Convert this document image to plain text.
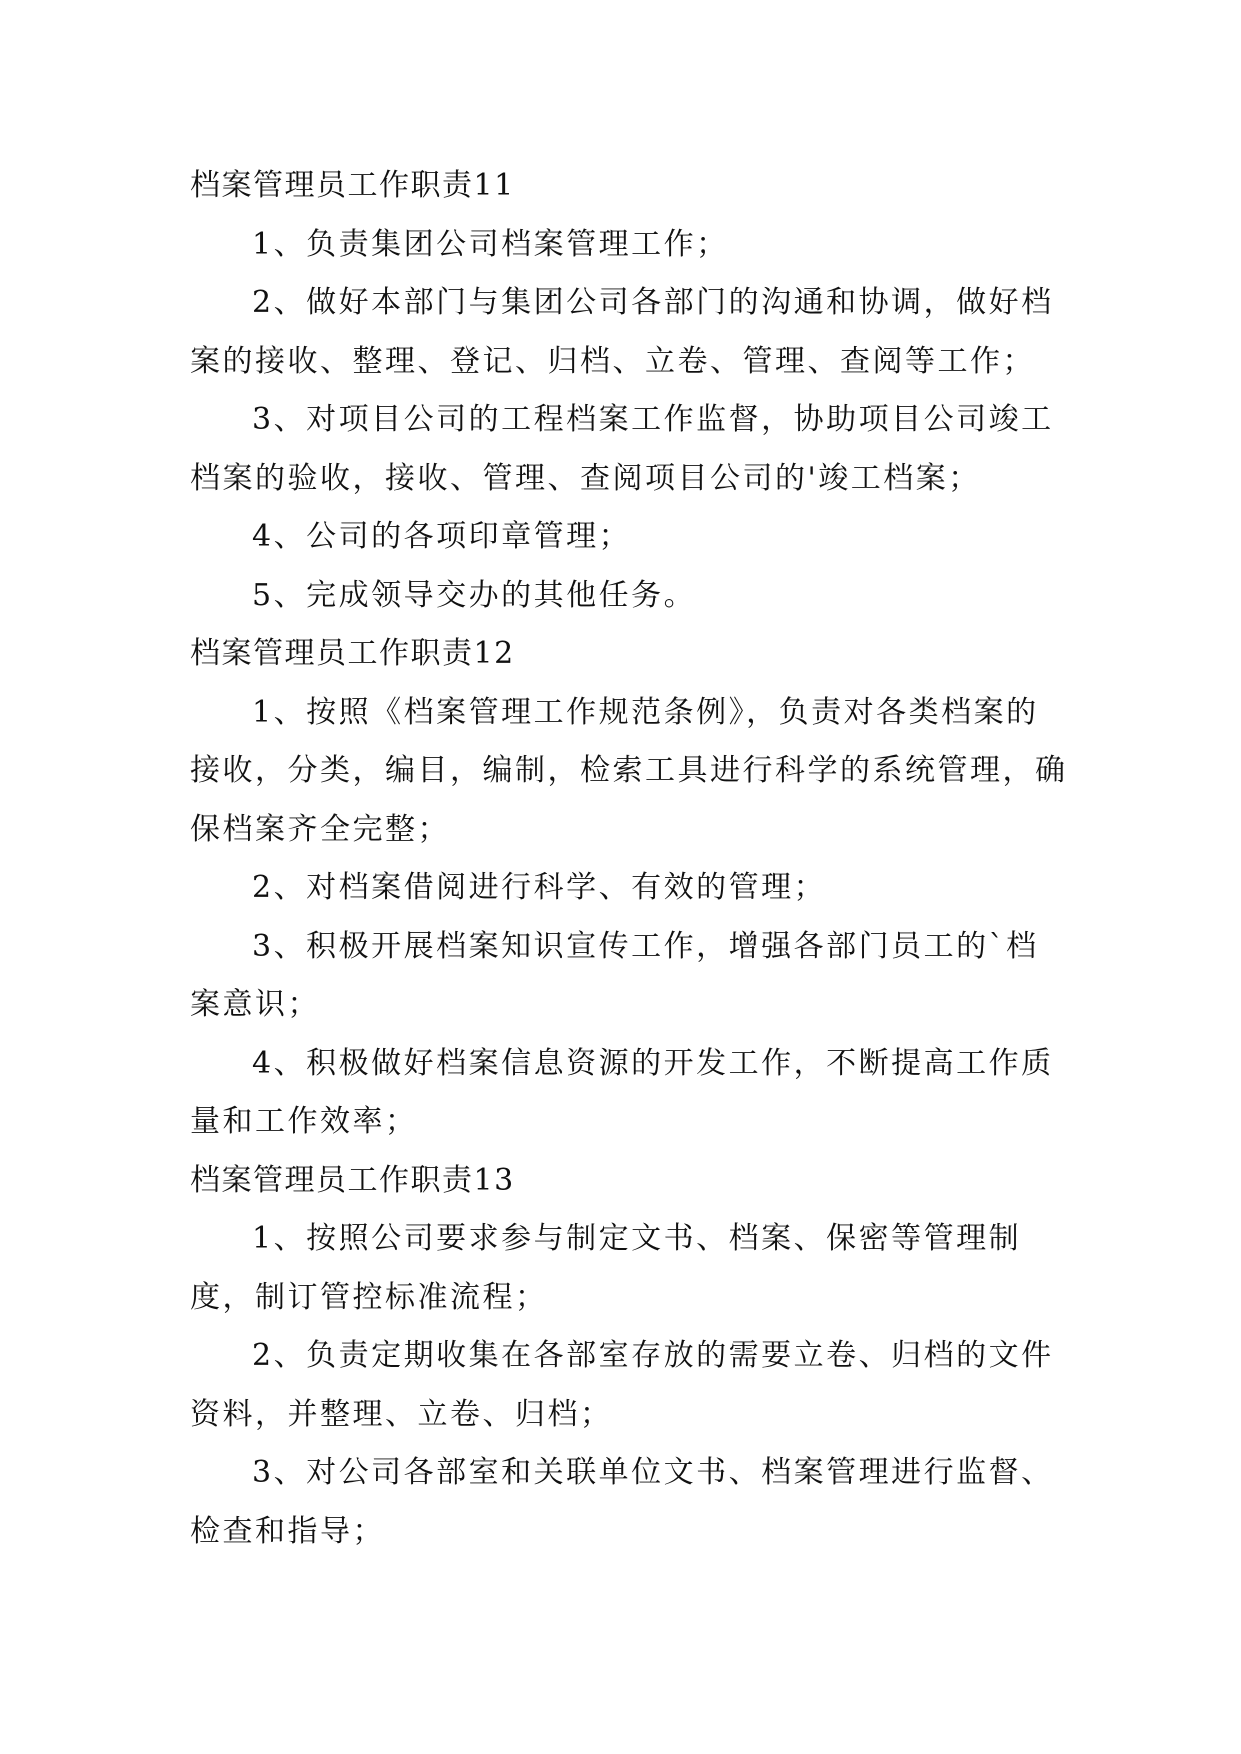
档案管理员工作职责11

1、负责集团公司档案管理工作；

2、做好本部门与集团公司各部门的沟通和协调，做好档案的接收、整理、登记、归档、立卷、管理、查阅等工作；

3、对项目公司的工程档案工作监督，协助项目公司竣工档案的验收，接收、管理、查阅项目公司的'竣工档案；

4、公司的各项印章管理；

5、完成领导交办的其他任务。

档案管理员工作职责12

1、按照《档案管理工作规范条例》，负责对各类档案的接收，分类，编目，编制，检索工具进行科学的系统管理，确保档案齐全完整；

2、对档案借阅进行科学、有效的管理；

3、积极开展档案知识宣传工作，增强各部门员工的`档案意识；

4、积极做好档案信息资源的开发工作，不断提高工作质量和工作效率；

档案管理员工作职责13

1、按照公司要求参与制定文书、档案、保密等管理制度，制订管控标准流程；

2、负责定期收集在各部室存放的需要立卷、归档的文件资料，并整理、立卷、归档；

3、对公司各部室和关联单位文书、档案管理进行监督、检查和指导；
